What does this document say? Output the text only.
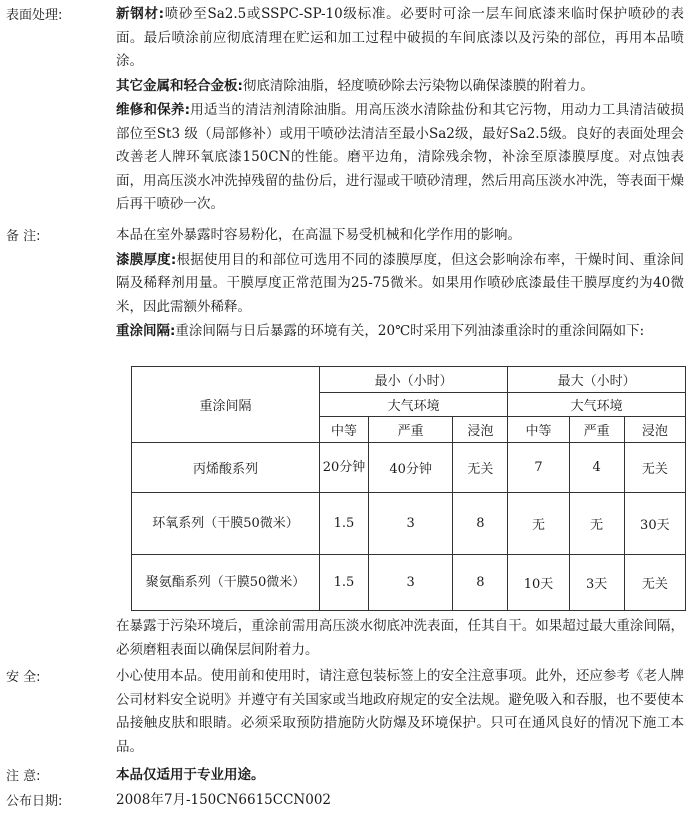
表面处理:	新钢材:喷砂至Sa2.5或SSPC-SP-10级标准。必要时可涂一层车间底漆来临时保护喷砂的表面。最后喷涂前应彻底清理在贮运和加工过程中破损的车间底漆以及污染的部位，再用本品喷涂。

其它金属和轻合金板:彻底清除油脂，轻度喷砂除去污染物以确保漆膜的附着力。

维修和保养:用适当的清洁剂清除油脂。用高压淡水清除盐份和其它污物，用动力工具清洁破损部位至St3 级（局部修补）或用干喷砂法清洁至最小Sa2级，最好Sa2.5级。良好的表面处理会改善老人牌环氧底漆150CN的性能。磨平边角，清除残余物，补涂至原漆膜厚度。对点蚀表面，用高压淡水冲洗掉残留的盐份后，进行湿或干喷砂清理，然后用高压淡水冲洗，等表面干燥后再干喷砂一次。

备 注:	本品在室外暴露时容易粉化，在高温下易受机械和化学作用的影响。

漆膜厚度:根据使用目的和部位可选用不同的漆膜厚度，但这会影响涂布率，干燥时间、重涂间隔及稀释剂用量。干膜厚度正常范围为25-75微米。如果用作喷砂底漆最佳干膜厚度约为40微米，因此需额外稀释。

重涂间隔:重涂间隔与日后暴露的环境有关，20℃时采用下列油漆重涂时的重涂间隔如下:

重涂间隔	最小（小时）			最大（小时）		
	大气环境			大气环境		
	中等	严重	浸泡	中等	严重	浸泡
丙烯酸系列	20分钟	40分钟	无关	7	4	无关
环氧系列（干膜50微米）	1.5	3	8	无	无	30天
聚氨酯系列（干膜50微米）	1.5	3	8	10天	3天	无关

在暴露于污染环境后，重涂前需用高压淡水彻底冲洗表面，任其自干。如果超过最大重涂间隔，必须磨粗表面以确保层间附着力。

安 全:	小心使用本品。使用前和使用时，请注意包装标签上的安全注意事项。此外，还应参考《老人牌公司材料安全说明》并遵守有关国家或当地政府规定的安全法规。避免吸入和吞服，也不要使本品接触皮肤和眼睛。必须采取预防措施防火防爆及环境保护。只可在通风良好的情况下施工本品。

注 意:	本品仅适用于专业用途。
公布日期:	2008年7月-150CN6615CCN002
